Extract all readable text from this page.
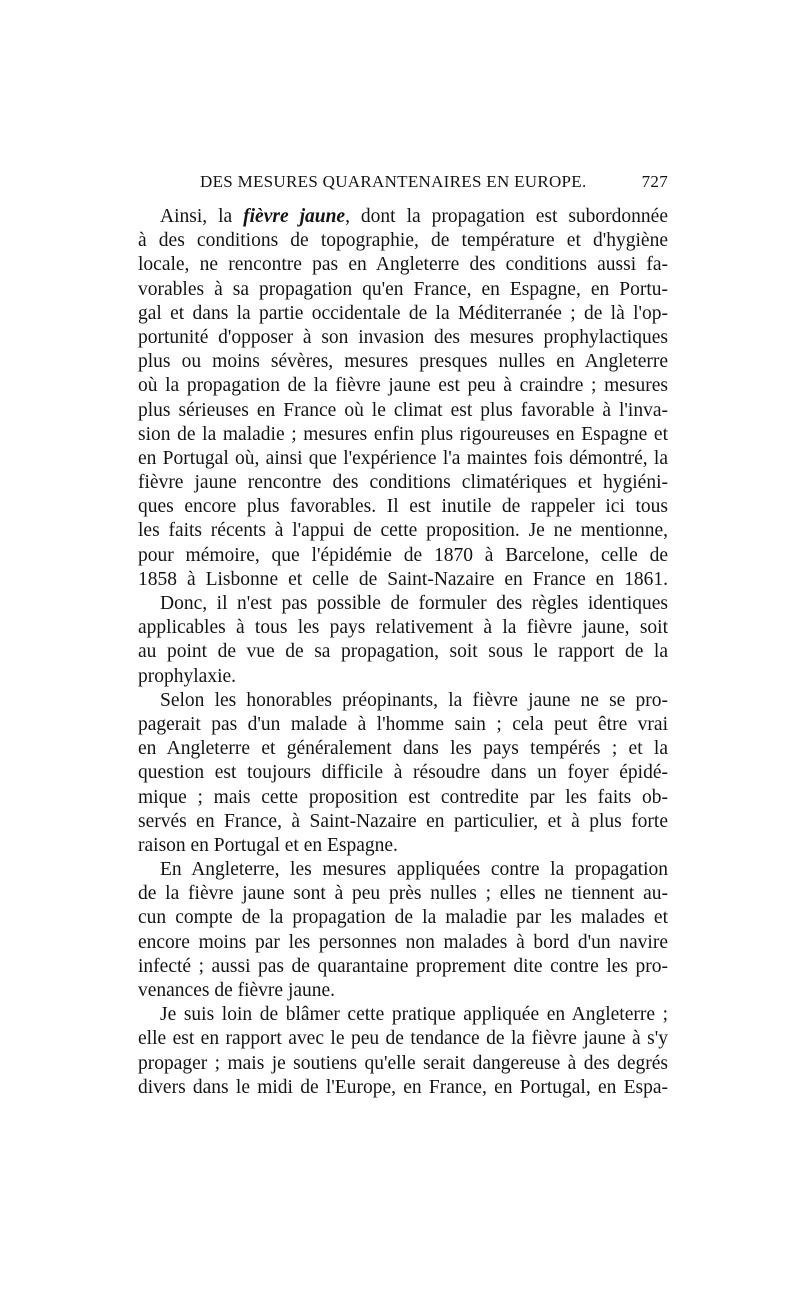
DES MESURES QUARANTENAIRES EN EUROPE.	727
Ainsi, la fièvre jaune, dont la propagation est subordonnée
à des conditions de topographie, de température et d'hygiène
locale, ne rencontre pas en Angleterre des conditions aussi fa-
vorables à sa propagation qu'en France, en Espagne, en Portu-
gal et dans la partie occidentale de la Méditerranée ; de là l'op-
portunité d'opposer à son invasion des mesures prophylactiques
plus ou moins sévères, mesures presques nulles en Angleterre
où la propagation de la fièvre jaune est peu à craindre ; mesures
plus sérieuses en France où le climat est plus favorable à l'inva-
sion de la maladie ; mesures enfin plus rigoureuses en Espagne et
en Portugal où, ainsi que l'expérience l'a maintes fois démontré, la
fièvre jaune rencontre des conditions climatériques et hygiéni-
ques encore plus favorables. Il est inutile de rappeler ici tous
les faits récents à l'appui de cette proposition. Je ne mentionne,
pour mémoire, que l'épidémie de 1870 à Barcelone, celle de
1858 à Lisbonne et celle de Saint-Nazaire en France en 1861.
Donc, il n'est pas possible de formuler des règles identiques
applicables à tous les pays relativement à la fièvre jaune, soit
au point de vue de sa propagation, soit sous le rapport de la
prophylaxie.
Selon les honorables préopinants, la fièvre jaune ne se pro-
pagerait pas d'un malade à l'homme sain ; cela peut être vrai
en Angleterre et généralement dans les pays tempérés ; et la
question est toujours difficile à résoudre dans un foyer épidé-
mique ; mais cette proposition est contredite par les faits ob-
servés en France, à Saint-Nazaire en particulier, et à plus forte
raison en Portugal et en Espagne.
En Angleterre, les mesures appliquées contre la propagation
de la fièvre jaune sont à peu près nulles ; elles ne tiennent au-
cun compte de la propagation de la maladie par les malades et
encore moins par les personnes non malades à bord d'un navire
infecté ; aussi pas de quarantaine proprement dite contre les pro-
venances de fièvre jaune.
Je suis loin de blâmer cette pratique appliquée en Angleterre ;
elle est en rapport avec le peu de tendance de la fièvre jaune à s'y
propager ; mais je soutiens qu'elle serait dangereuse à des degrés
divers dans le midi de l'Europe, en France, en Portugal, en Espa-
